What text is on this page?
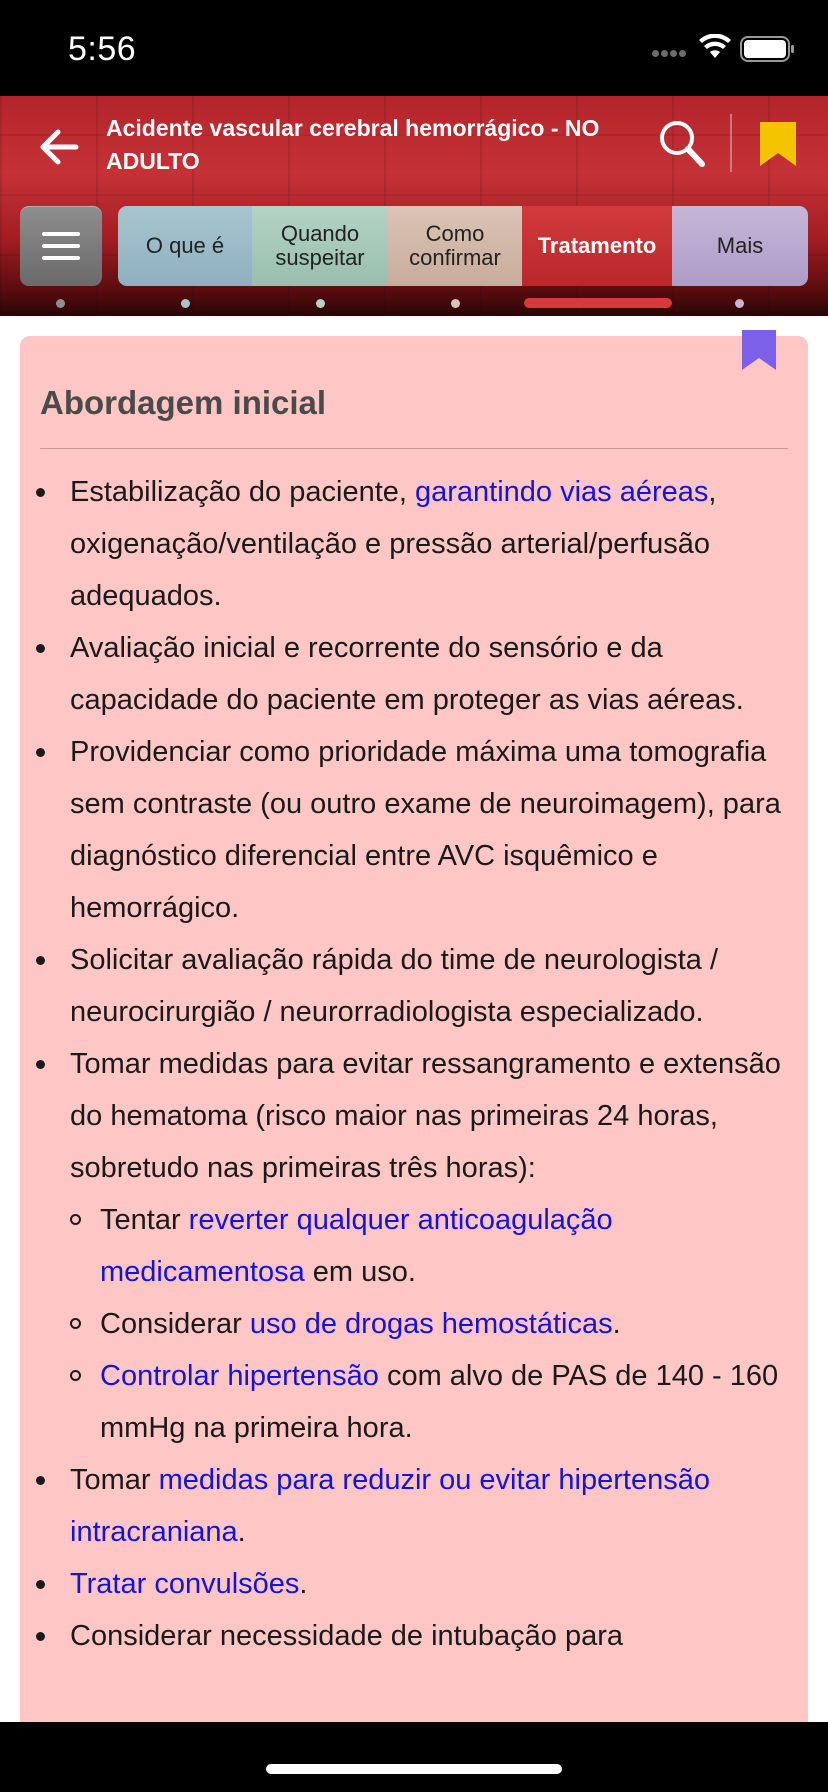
5:56
Acidente vascular cerebral hemorrágico - NO ADULTO
O que é	Quando suspeitar
Como confirmar	Tratamento	Mais
Abordagem inicial
Estabilização do paciente, garantindo vias aéreas, oxigenação/ventilação e pressão arterial/perfusão adequados.
Avaliação inicial e recorrente do sensório e da capacidade do paciente em proteger as vias aéreas.
Providenciar como prioridade máxima uma tomografia sem contraste (ou outro exame de neuroimagem), para diagnóstico diferencial entre AVC isquêmico e hemorrágico.
Solicitar avaliação rápida do time de neurologista / neurocirurgião / neurorradiologista especializado.
Tomar medidas para evitar ressangramento e extensão do hematoma (risco maior nas primeiras 24 horas, sobretudo nas primeiras três horas):
Tentar reverter qualquer anticoagulação medicamentosa em uso.
Considerar uso de drogas hemostáticas.
Controlar hipertensão com alvo de PAS de 140 - 160 mmHg na primeira hora.
Tomar medidas para reduzir ou evitar hipertensão intracraniana.
Tratar convulsões.
Considerar necessidade de intubação para
